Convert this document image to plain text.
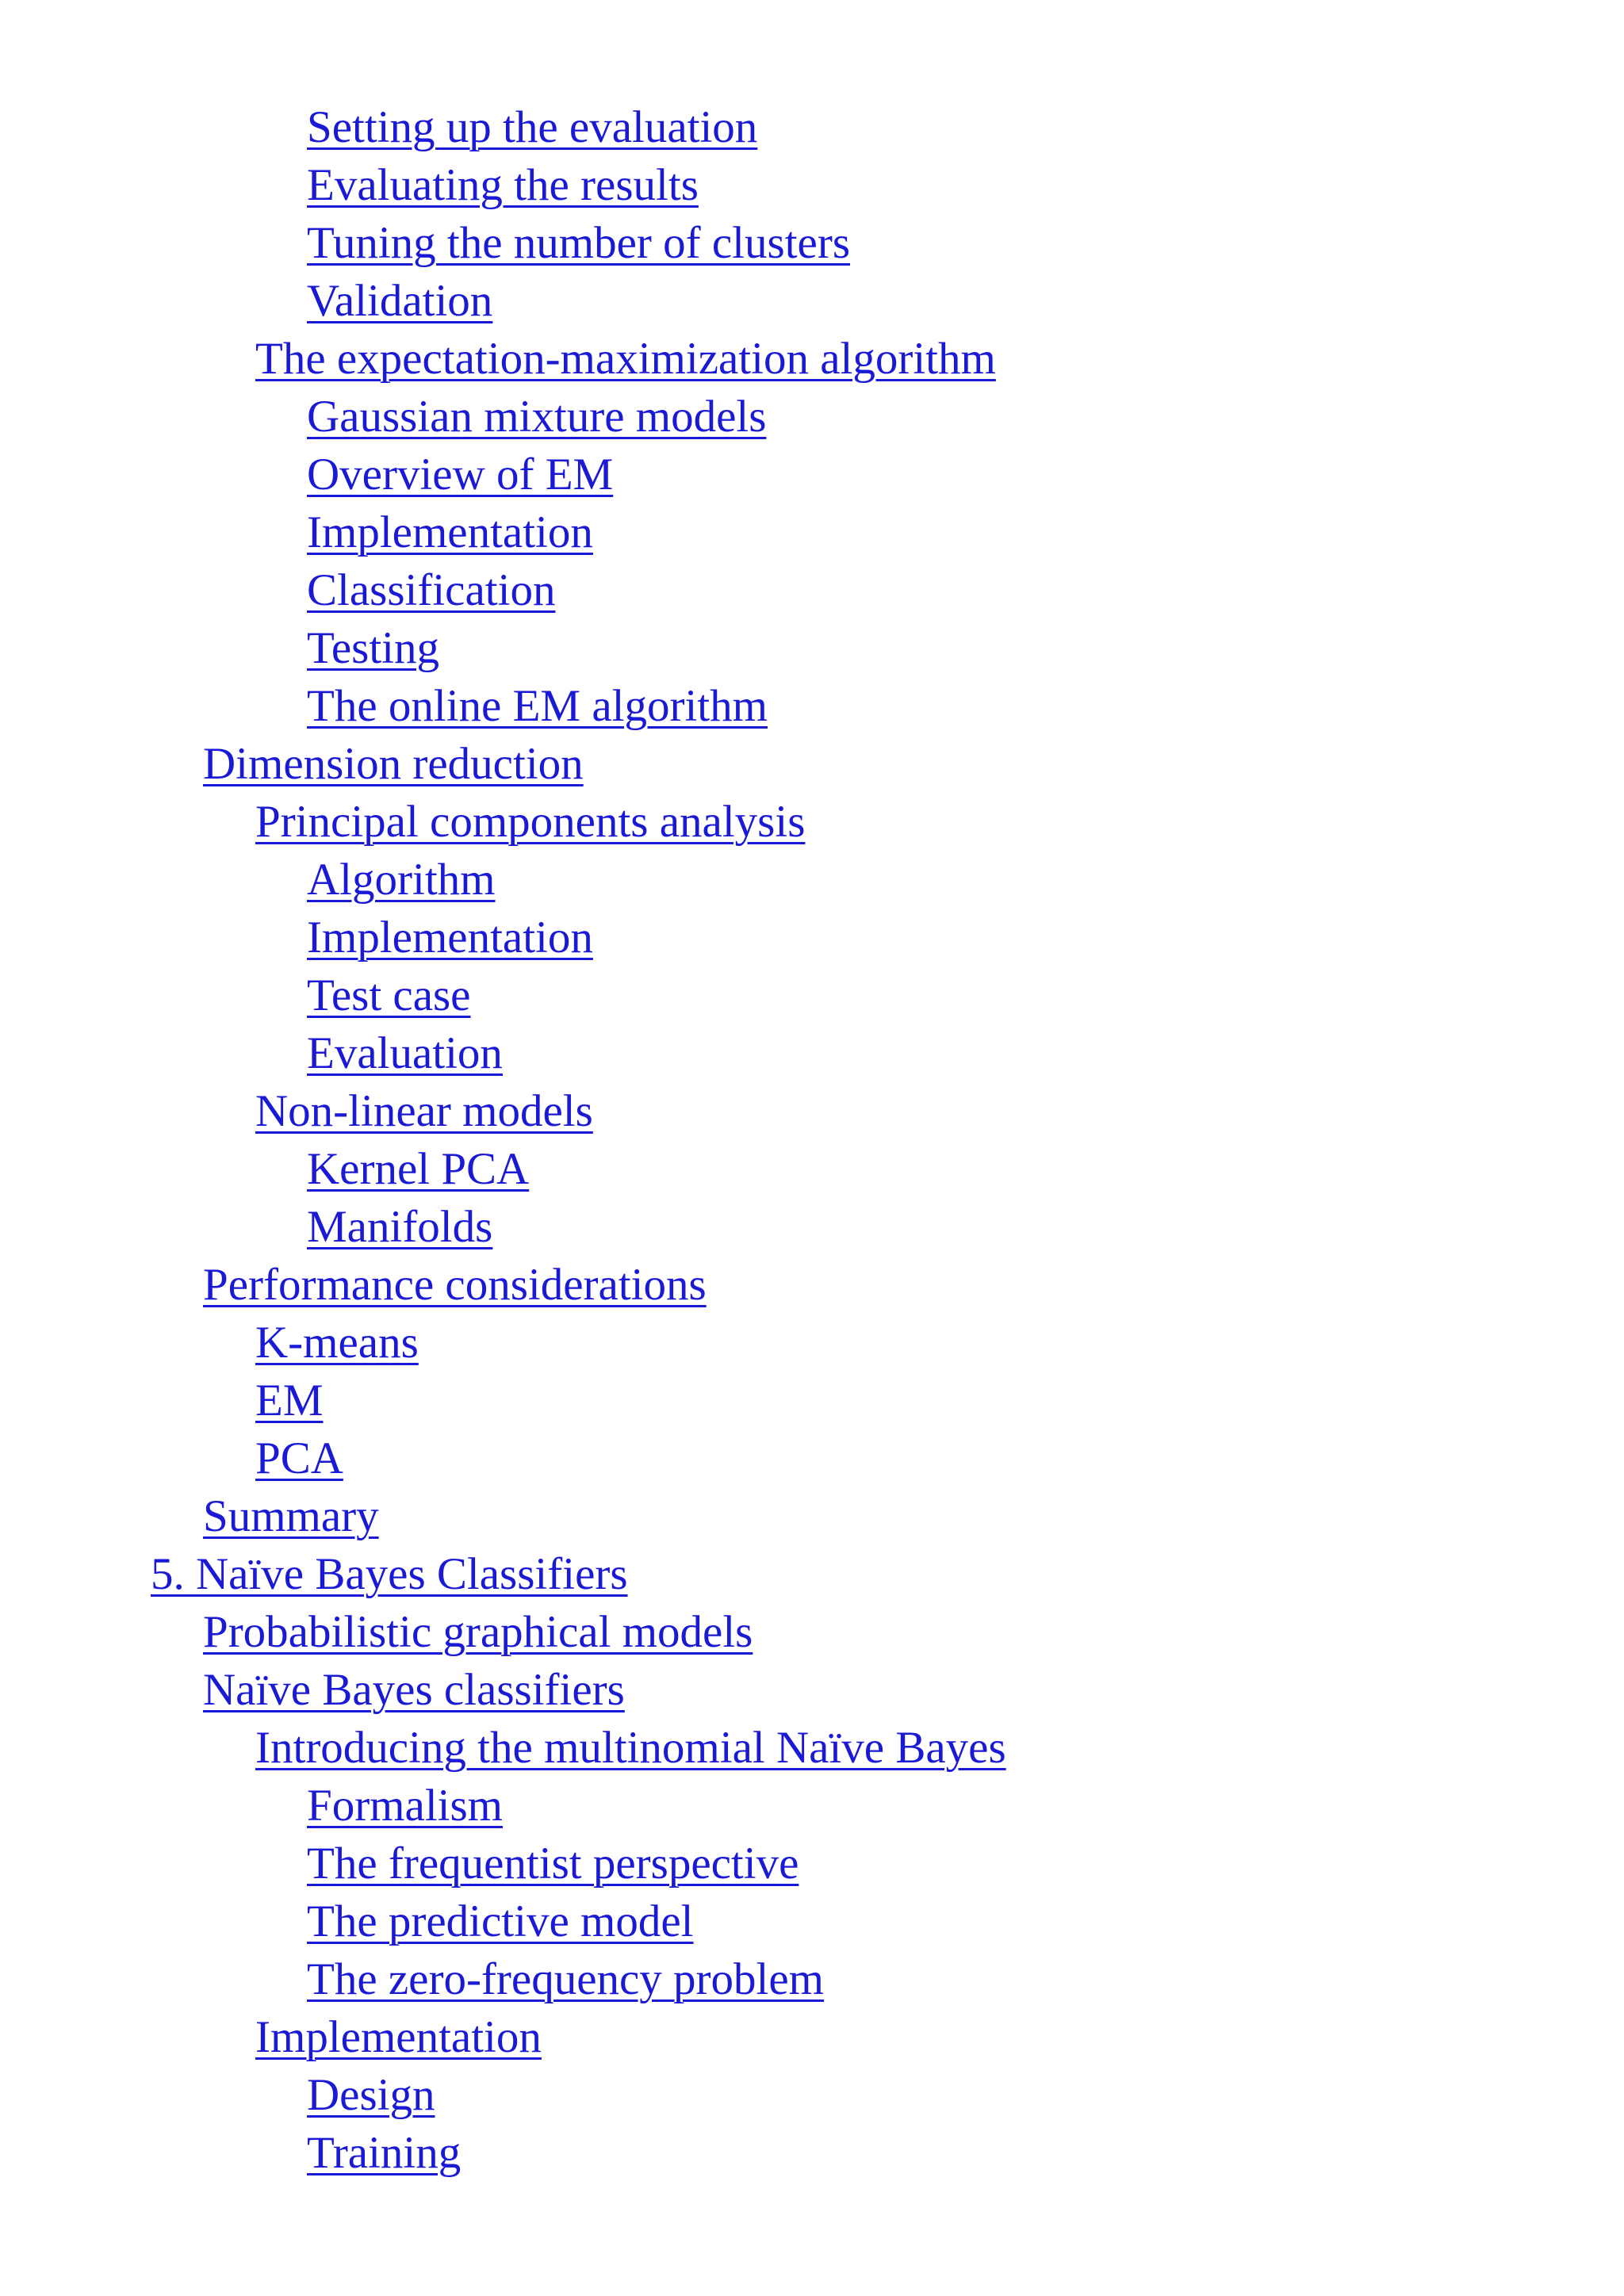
Setting up the evaluation
Evaluating the results
Tuning the number of clusters
Validation
The expectation-maximization algorithm
Gaussian mixture models
Overview of EM
Implementation
Classification
Testing
The online EM algorithm
Dimension reduction
Principal components analysis
Algorithm
Implementation
Test case
Evaluation
Non-linear models
Kernel PCA
Manifolds
Performance considerations
K-means
EM
PCA
Summary
5. Naïve Bayes Classifiers
Probabilistic graphical models
Naïve Bayes classifiers
Introducing the multinomial Naïve Bayes
Formalism
The frequentist perspective
The predictive model
The zero-frequency problem
Implementation
Design
Training
